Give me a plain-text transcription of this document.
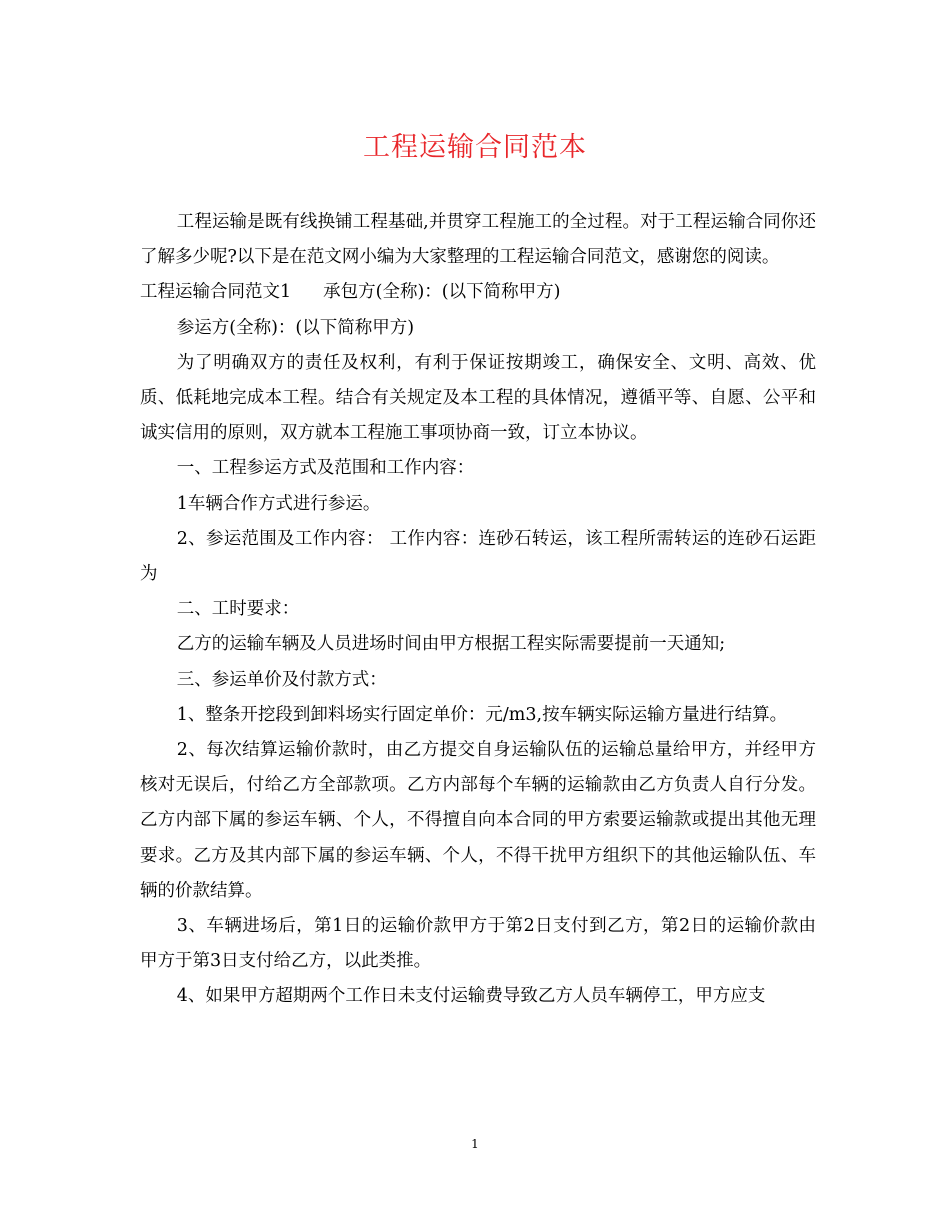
工程运输合同范本

工程运输是既有线换铺工程基础,并贯穿工程施工的全过程。对于工程运输合同你还了解多少呢?以下是在范文网小编为大家整理的工程运输合同范文，感谢您的阅读。

工程运输合同范文1 承包方(全称)：(以下简称甲方)

参运方(全称)：(以下简称甲方)

为了明确双方的责任及权利，有利于保证按期竣工，确保安全、文明、高效、优质、低耗地完成本工程。结合有关规定及本工程的具体情况，遵循平等、自愿、公平和诚实信用的原则，双方就本工程施工事项协商一致，订立本协议。

一、工程参运方式及范围和工作内容：

1车辆合作方式进行参运。

2、参运范围及工作内容： 工作内容：连砂石转运，该工程所需转运的连砂石运距为

二、工时要求：

乙方的运输车辆及人员进场时间由甲方根据工程实际需要提前一天通知;

三、参运单价及付款方式：

1、整条开挖段到卸料场实行固定单价：元/m3,按车辆实际运输方量进行结算。

2、每次结算运输价款时，由乙方提交自身运输队伍的运输总量给甲方，并经甲方核对无误后，付给乙方全部款项。乙方内部每个车辆的运输款由乙方负责人自行分发。乙方内部下属的参运车辆、个人，不得擅自向本合同的甲方索要运输款或提出其他无理要求。乙方及其内部下属的参运车辆、个人，不得干扰甲方组织下的其他运输队伍、车辆的价款结算。

3、车辆进场后，第1日的运输价款甲方于第2日支付到乙方，第2日的运输价款由甲方于第3日支付给乙方，以此类推。

4、如果甲方超期两个工作日未支付运输费导致乙方人员车辆停工，甲方应支

1
